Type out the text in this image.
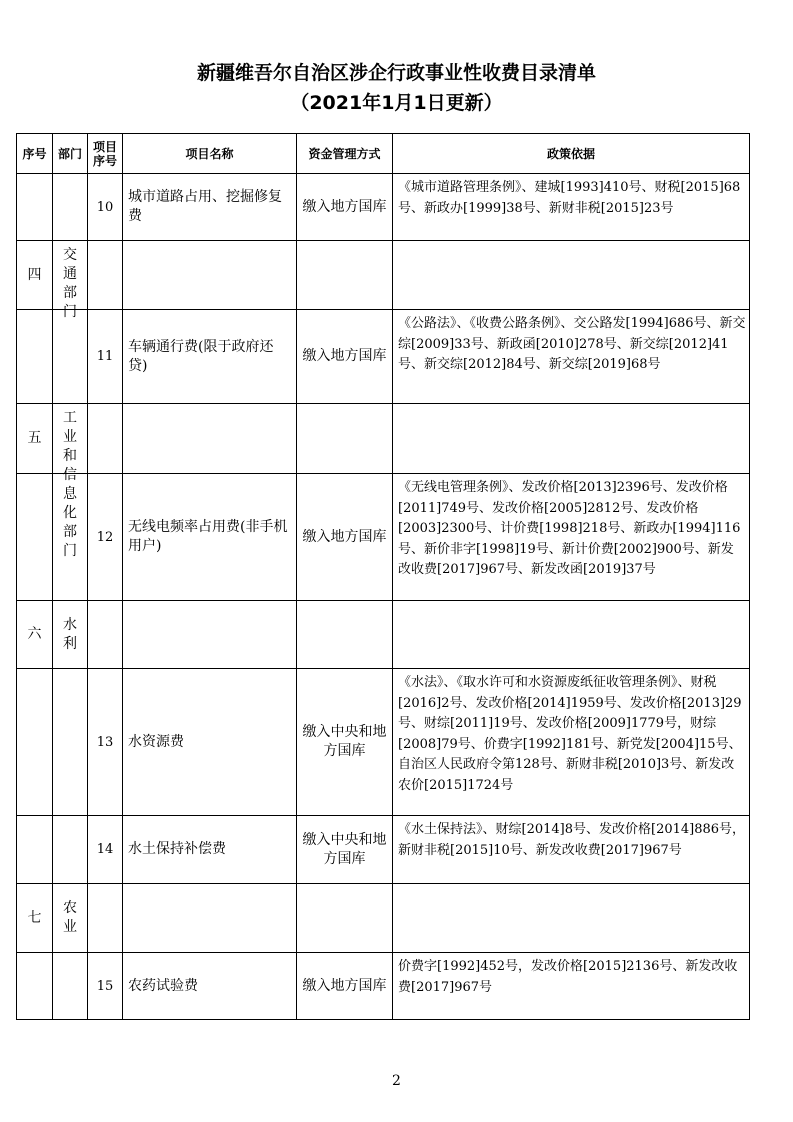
新疆维吾尔自治区涉企行政事业性收费目录清单
（2021年1月1日更新）
序号	部门	项目序号	项目名称	资金管理方式	政策依据
		10	城市道路占用、挖掘修复费	缴入地方国库	《城市道路管理条例》、建城[1993]410号、财税[2015]68号、新政办[1999]38号、新财非税[2015]23号
四	交通部门				

		11	车辆通行费(限于政府还贷)	缴入地方国库	《公路法》、《收费公路条例》、交公路发[1994]686号、新交综[2009]33号、新政函[2010]278号、新交综[2012]41号、新交综[2012]84号、新交综[2019]68号
五	工业和信息化部门				

		12	无线电频率占用费(非手机用户)	缴入地方国库	《无线电管理条例》、发改价格[2013]2396号、发改价格[2011]749号、发改价格[2005]2812号、发改价格[2003]2300号、计价费[1998]218号、新政办[1994]116号、新价非字[1998]19号、新计价费[2002]900号、新发改收费[2017]967号、新发改函[2019]37号
六	水利				

		13	水资源费	缴入中央和地方国库	《水法》、《取水许可和水资源废纸征收管理条例》、财税[2016]2号、发改价格[2014]1959号、发改价格[2013]29号、财综[2011]19号、发改价格[2009]1779号，财综[2008]79号、价费字[1992]181号、新党发[2004]15号、自治区人民政府令第128号、新财非税[2010]3号、新发改农价[2015]1724号
		14	水土保持补偿费	缴入中央和地方国库	《水土保持法》、财综[2014]8号、发改价格[2014]886号，新财非税[2015]10号、新发改收费[2017]967号
七	农业				

		15	农药试验费	缴入地方国库	价费字[1992]452号，发改价格[2015]2136号、新发改收费[2017]967号
2
